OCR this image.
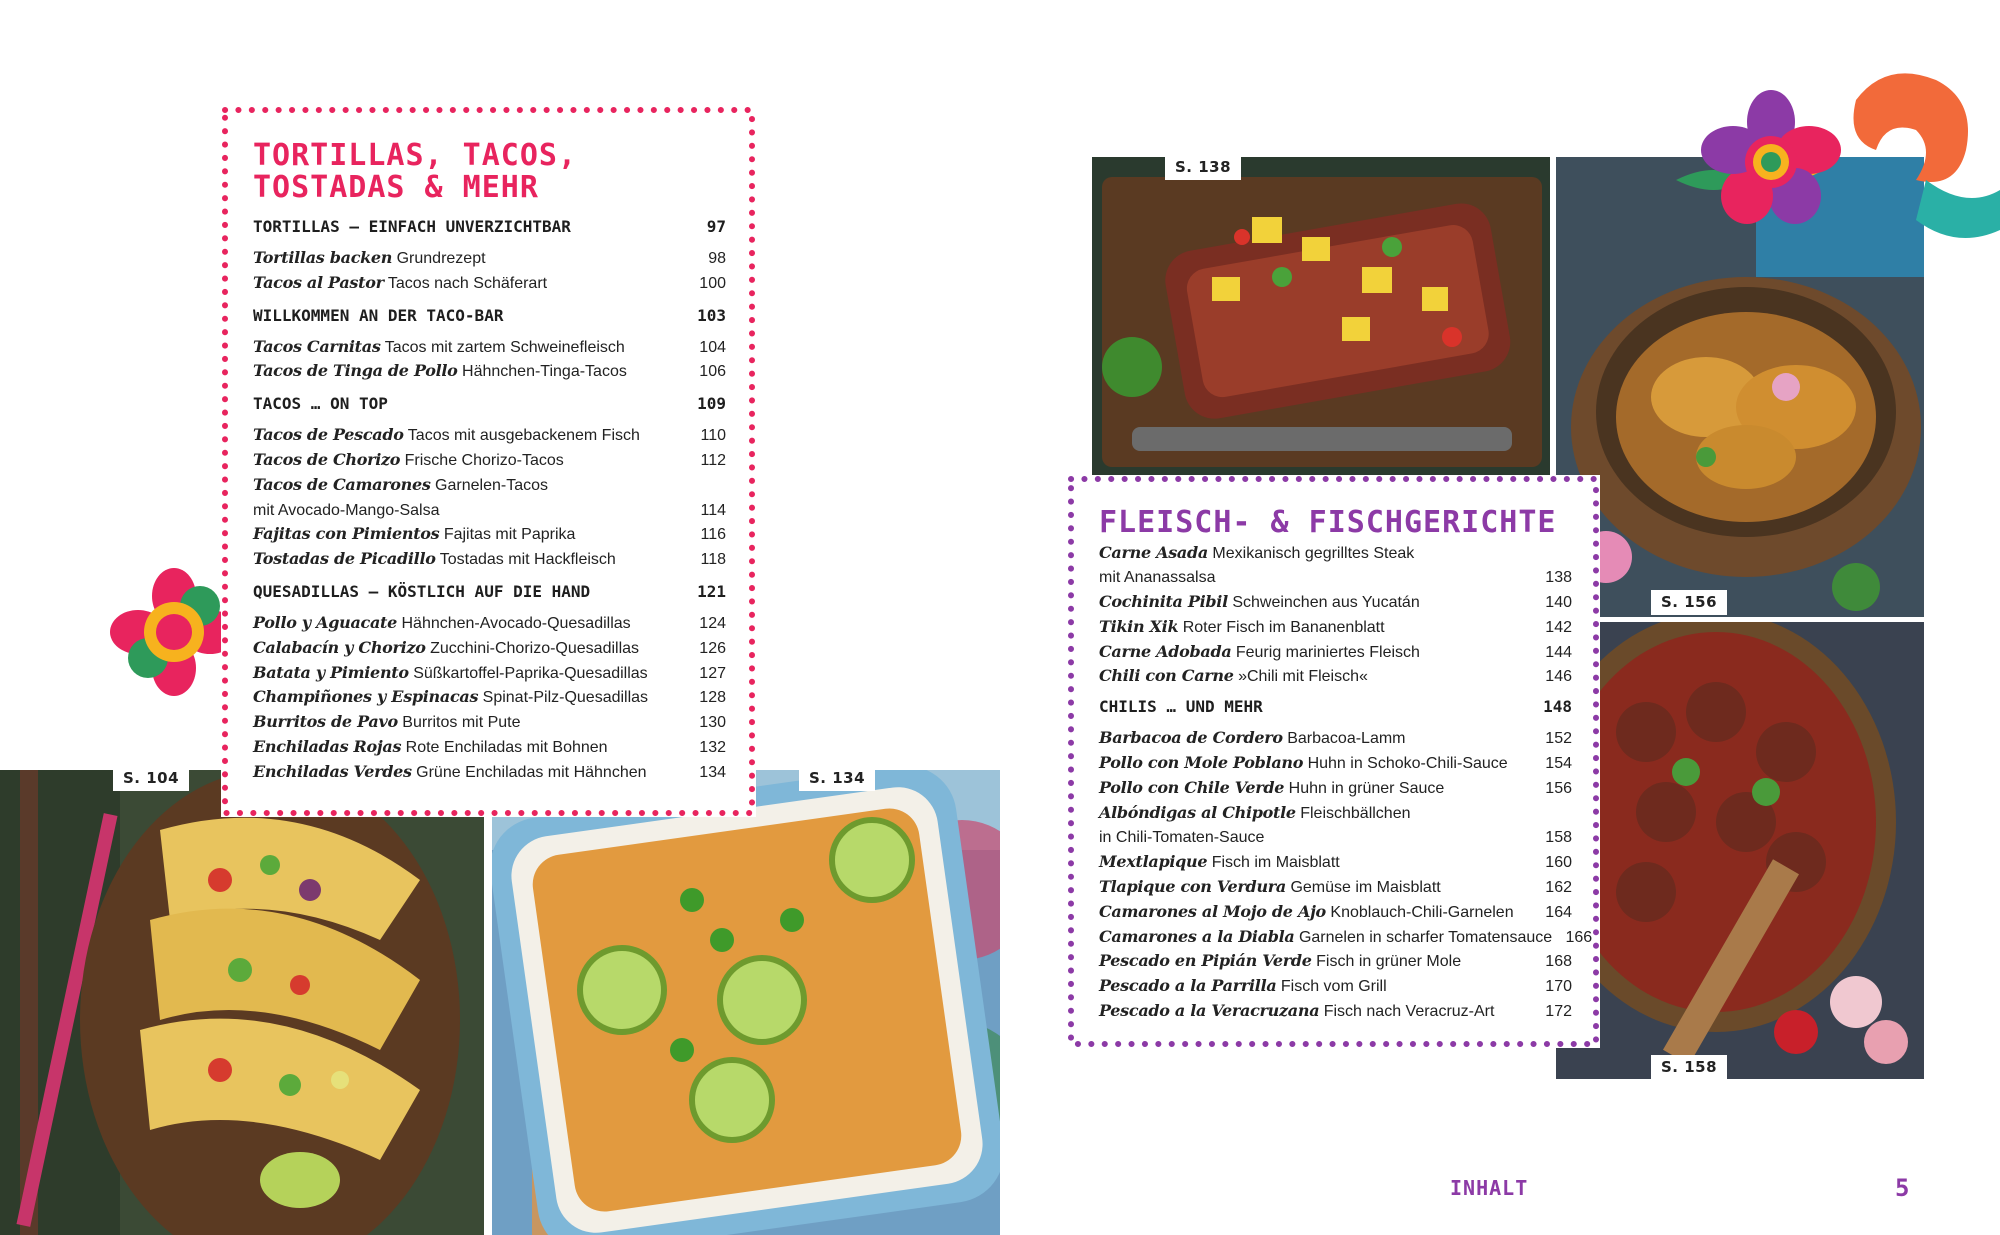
S. 104	S. 134
S. 138
S. 156
S. 158
TORTILLAS, TACOS,
TOSTADAS & MEHR
TORTILLAS – EINFACH UNVERZICHTBAR	97
Tortillas backen Grundrezept	98
Tacos al Pastor Tacos nach Schäferart	100
WILLKOMMEN AN DER TACO-BAR	103
Tacos Carnitas Tacos mit zartem Schweinefleisch	104
Tacos de Tinga de Pollo Hähnchen-Tinga-Tacos	106
TACOS … ON TOP	109
Tacos de Pescado Tacos mit ausgebackenem Fisch	110
Tacos de Chorizo Frische Chorizo-Tacos	112
Tacos de Camarones Garnelen-Tacos
mit Avocado-Mango-Salsa	114
Fajitas con Pimientos Fajitas mit Paprika	116
Tostadas de Picadillo Tostadas mit Hackfleisch	118
QUESADILLAS – KÖSTLICH AUF DIE HAND	121
Pollo y Aguacate Hähnchen-Avocado-Quesadillas	124
Calabacín y Chorizo Zucchini-Chorizo-Quesadillas	126
Batata y Pimiento Süßkartoffel-Paprika-Quesadillas	127
Champiñones y Espinacas Spinat-Pilz-Quesadillas	128
Burritos de Pavo Burritos mit Pute	130
Enchiladas Rojas Rote Enchiladas mit Bohnen	132
Enchiladas Verdes Grüne Enchiladas mit Hähnchen	134
FLEISCH- & FISCHGERICHTE
Carne Asada Mexikanisch gegrilltes Steak
mit Ananassalsa	138
Cochinita Pibil Schweinchen aus Yucatán	140
Tikin Xik Roter Fisch im Bananenblatt	142
Carne Adobada Feurig mariniertes Fleisch	144
Chili con Carne »Chili mit Fleisch«	146
CHILIS … UND MEHR	148
Barbacoa de Cordero Barbacoa-Lamm	152
Pollo con Mole Poblano Huhn in Schoko-Chili-Sauce	154
Pollo con Chile Verde Huhn in grüner Sauce	156
Albóndigas al Chipotle Fleischbällchen
in Chili-Tomaten-Sauce	158
Mextlapique Fisch im Maisblatt	160
Tlapique con Verdura Gemüse im Maisblatt	162
Camarones al Mojo de Ajo Knoblauch-Chili-Garnelen	164
Camarones a la Diabla Garnelen in scharfer Tomatensauce 166
Pescado en Pipián Verde Fisch in grüner Mole	168
Pescado a la Parrilla Fisch vom Grill	170
Pescado a la Veracruzana Fisch nach Veracruz-Art	172
INHALT	5
